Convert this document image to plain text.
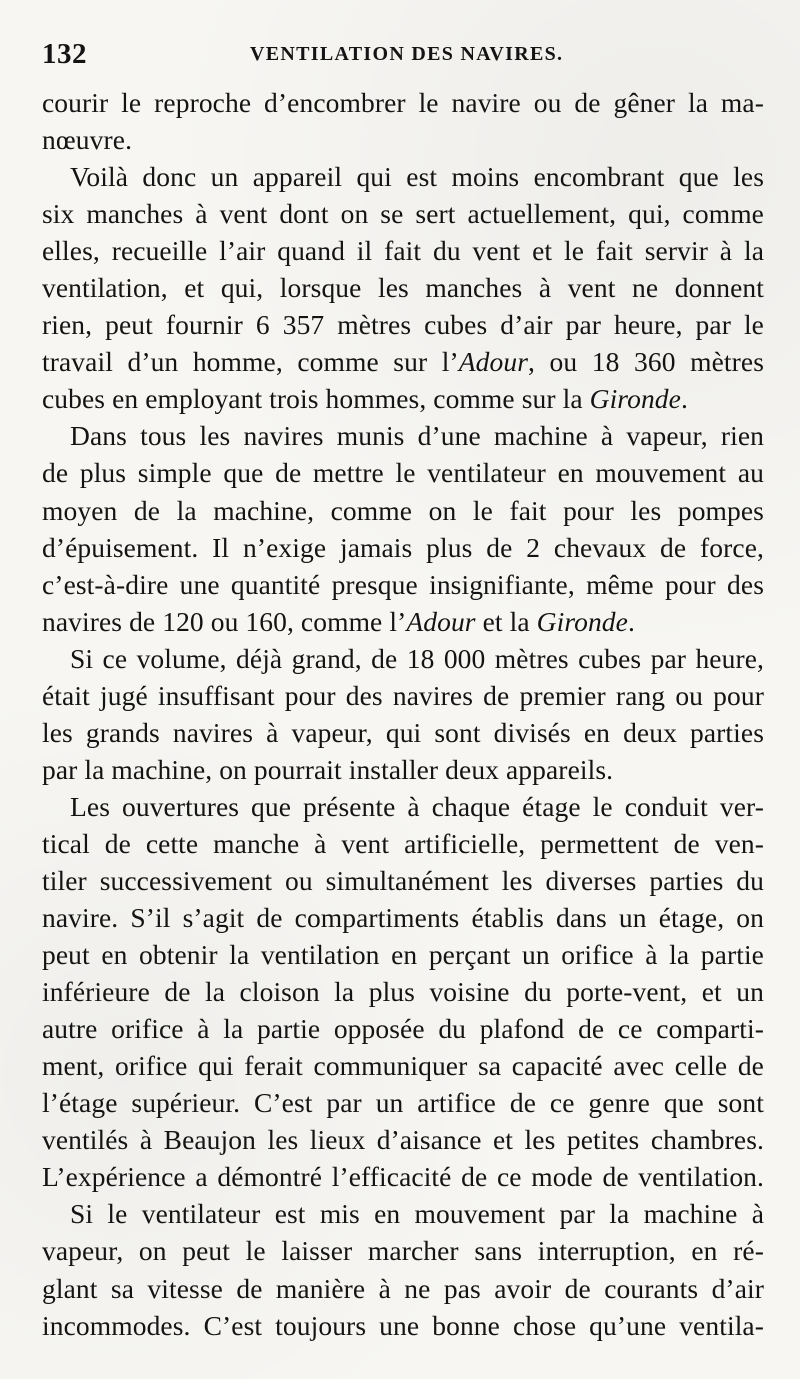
132	VENTILATION DES NAVIRES.
courir le reproche d’encombrer le navire ou de gêner la ma-
nœuvre.
Voilà donc un appareil qui est moins encombrant que les
six manches à vent dont on se sert actuellement, qui, comme
elles, recueille l’air quand il fait du vent et le fait servir à la
ventilation, et qui, lorsque les manches à vent ne donnent
rien, peut fournir 6 357 mètres cubes d’air par heure, par le
travail d’un homme, comme sur l’Adour, ou 18 360 mètres
cubes en employant trois hommes, comme sur la Gironde.
Dans tous les navires munis d’une machine à vapeur, rien
de plus simple que de mettre le ventilateur en mouvement au
moyen de la machine, comme on le fait pour les pompes
d’épuisement. Il n’exige jamais plus de 2 chevaux de force,
c’est-à-dire une quantité presque insignifiante, même pour des
navires de 120 ou 160, comme l’Adour et la Gironde.
Si ce volume, déjà grand, de 18 000 mètres cubes par heure,
était jugé insuffisant pour des navires de premier rang ou pour
les grands navires à vapeur, qui sont divisés en deux parties
par la machine, on pourrait installer deux appareils.
Les ouvertures que présente à chaque étage le conduit ver-
tical de cette manche à vent artificielle, permettent de ven-
tiler successivement ou simultanément les diverses parties du
navire. S’il s’agit de compartiments établis dans un étage, on
peut en obtenir la ventilation en perçant un orifice à la partie
inférieure de la cloison la plus voisine du porte-vent, et un
autre orifice à la partie opposée du plafond de ce comparti-
ment, orifice qui ferait communiquer sa capacité avec celle de
l’étage supérieur. C’est par un artifice de ce genre que sont
ventilés à Beaujon les lieux d’aisance et les petites chambres.
L’expérience a démontré l’efficacité de ce mode de ventilation.
Si le ventilateur est mis en mouvement par la machine à
vapeur, on peut le laisser marcher sans interruption, en ré-
glant sa vitesse de manière à ne pas avoir de courants d’air
incommodes. C’est toujours une bonne chose qu’une ventila-
